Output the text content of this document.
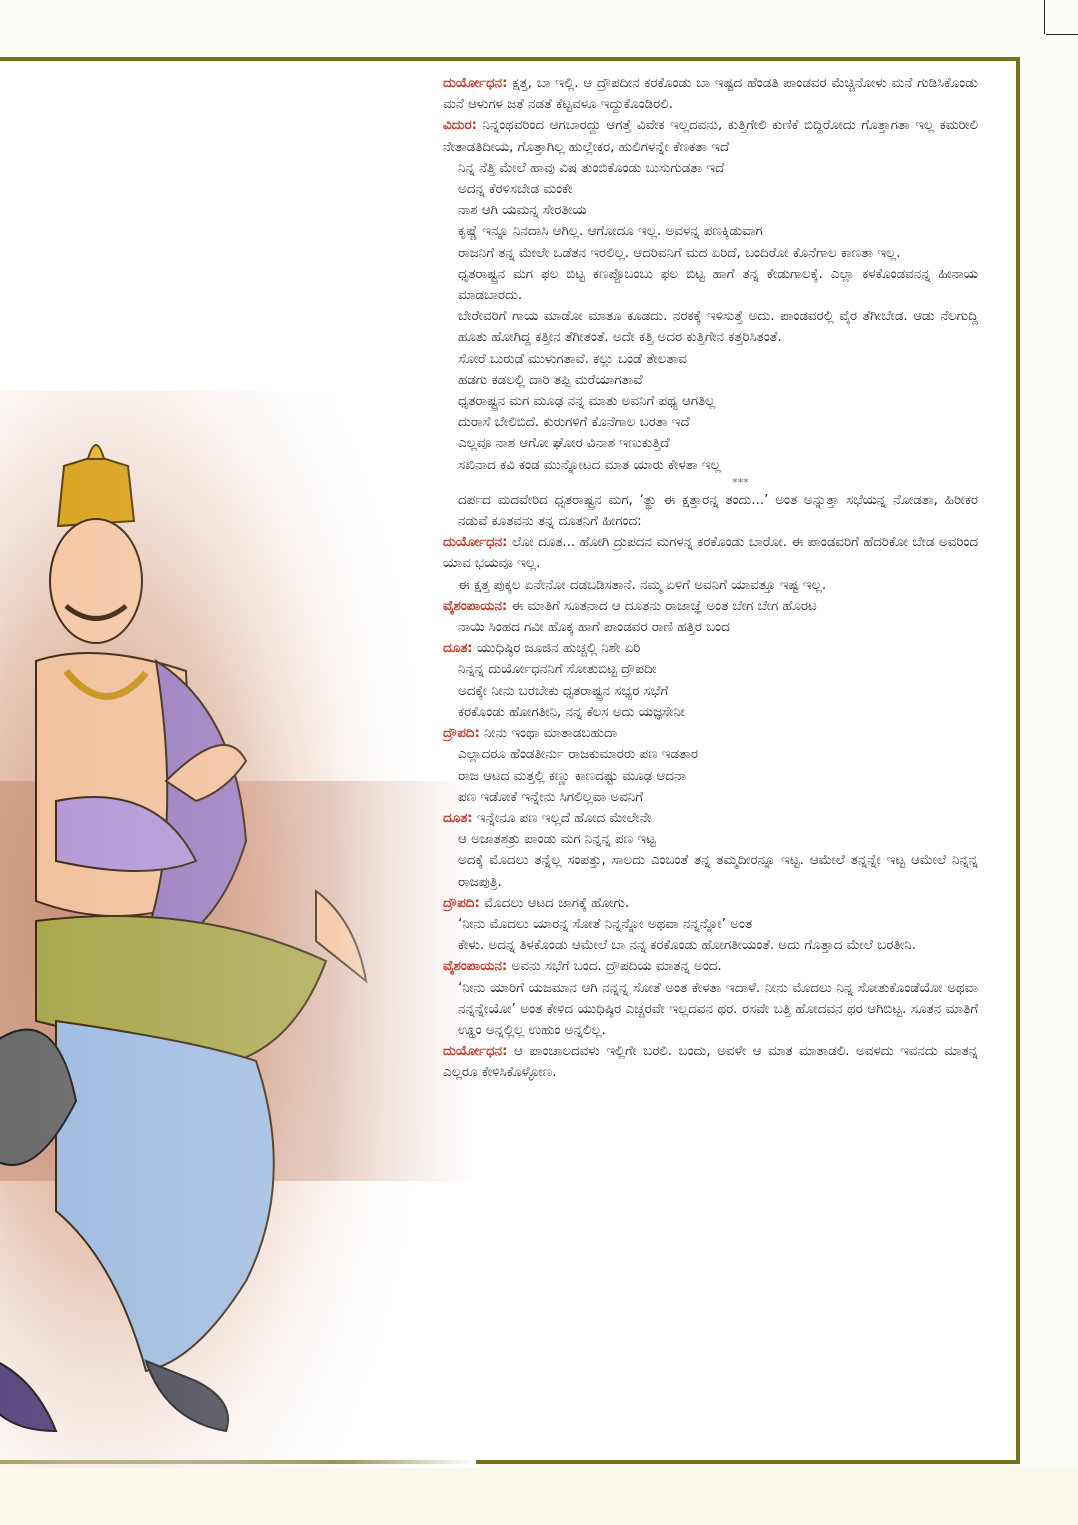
ದುರ್ಯೋಧನ: ಕ್ಷತ್ತ, ಬಾ ಇಲ್ಲಿ. ಆ ದ್ರೌಪದೀನ ಕರಕೊಂಡು ಬಾ ಇಷ್ಟದ ಹೆಂಡತಿ ಪಾಂಡವರ ಮೆಚ್ಚಿನೋಳು ಮನೆ ಗುಡಿಸಿಕೊಂಡು ಮನೆ ಆಳುಗಳ ಜತೆ ನಡತೆ ಕೆಟ್ಟವಳೂ ಇದ್ದುಕೊಂಡಿರಲಿ.
ವಿದುರ: ನಿನ್ನಂಥವರಿಂದ ಆಗಬಾರದ್ದು ಆಗತ್ತೆ ವಿವೇಕ ಇಲ್ಲದವನು, ಕುತ್ತಿಗೇಲಿ ಕುಣಿಕೆ ಬಿದ್ದಿರೋದು ಗೊತ್ತಾಗತಾ ಇಲ್ಲ ಕಮರೀಲಿ ನೇತಾಡತಿದೀಯ, ಗೊತ್ತಾಗಿಲ್ಲ ಹುಲ್ಲೇಕರ, ಹುಲಿಗಳನ್ನೇ ಕೆಣಕತಾ ಇದೆ
ನಿನ್ನ ನೆತ್ತಿ ಮೇಲೆ ಹಾವು ವಿಷ ತುಂಬಿಕೊಂಡು ಬುಸುಗುಡತಾ ಇದೆ
ಅದನ್ನ ಕೆರಳಿಸಬೇಡ ಮಂಕೇ
ನಾಶ ಆಗಿ ಯಮನ್ನ ಸೇರತೀಯ
ಕೃಷ್ಣೆ ಇನ್ನೂ ನಿನದಾಸಿ ಆಗಿಲ್ಲ. ಆಗೋದೂ ಇಲ್ಲ. ಅವಳನ್ನ ಪಣಕ್ಕಿಡುವಾಗ
ರಾಜನಿಗೆ ತನ್ನ ಮೇಲೇ ಒಡೆತನ ಇರಲಿಲ್ಲ. ಆದರಿವನಿಗೆ ಮದ ಏರಿದೆ, ಬಂದಿರೋ ಕೊನೆಗಾಲ ಕಾಣತಾ ಇಲ್ಲ.
ಧೃತರಾಷ್ಟ್ರನ ಮಗ ಫಲ ಬಿಟ್ಟ ಕಣಪ್ಪೊಬಂಬು ಫಲ ಬಿಟ್ಟ ಹಾಗೆ ತನ್ನ ಕೇಡುಗಾಲಕ್ಕೆ. ಎಲ್ಲಾ ಕಳಕೊಂಡವನನ್ನ ಹೀನಾಯ ಮಾಡಬಾರದು.
ಬೇರೇವರಿಗೆ ಗಾಯ ಮಾಡೋ ಮಾತೂ ಕೂಡದು. ನರಕಕ್ಕೆ ಇಳಿಸುತ್ತೆ ಅದು. ಪಾಂಡವರಲ್ಲಿ ವೈರ ತೆಗೀಬೇಡ. ಆಡು ನೆಲಗುದ್ದಿ ಹೂತು ಹೋಗಿದ್ದ ಕತ್ತೀನ ತೆಗೀತಂತೆ. ಅದೇ ಕತ್ತಿ ಅದರ ಕುತ್ತಿಗೇನ ಕತ್ತರಿಸಿತಂತೆ.
ಸೋರೆ ಬುರುಡೆ ಮುಳುಗತಾವೆ. ಕಲ್ಲು ಬಂಡೆ ತೇಲತಾವ
ಹಡಗು ಕಡಲಲ್ಲಿ ದಾರಿ ತಪ್ಪಿ ಮರೆಯಾಗತಾವೆ
ಧೃತರಾಷ್ಟ್ರನ ಮಗ ಮೂಢ ನನ್ನ ಮಾತು ಅವನಿಗೆ ಪಥ್ಯ ಆಗತಿಲ್ಲ
ದುರಾಸೆ ಬೇಲಿಬಿದೆ. ಕುರುಗಳಿಗೆ ಕೊನೆಗಾಲ ಬರತಾ ಇದೆ
ಎಲ್ಲವೂ ನಾಶ ಆಗೋ ಘೋರ ವಿನಾಶ ಇಣುಕುತ್ತಿದೆ
ಸಖಿನಾದ ಕವಿ ಕಂಡ ಮುನ್ನೋಟದ ಮಾತ ಯಾರು ಕೇಳತಾ ಇಲ್ಲ
***
ದರ್ಪದ ಮದವೇರಿದ ಧೃತರಾಷ್ಟ್ರನ ಮಗ, ‘ತ್ಥು ಈ ಕ್ಷತ್ತಾರನ್ನ ತಂದು...’ ಅಂತ ಅನ್ನುತ್ತಾ ಸಭೆಯನ್ನ ನೋಡತಾ, ಹಿರೀಕರ ನಡುವೆ ಕೂತವನು ತನ್ನ ದೂತನಿಗೆ ಹೀಗಂದ:
ದುರ್ಯೋಧನ: ಲೋ ದೂತ... ಹೋಗಿ ದ್ರುಪದನ ಮಗಳನ್ನ ಕರಕೊಂಡು ಬಾರೋ. ಈ ಪಾಂಡವರಿಗೆ ಹೆದರಿಕೋ ಬೇಡ ಅವರಿಂದ ಯಾವ ಭಯವೂ ಇಲ್ಲ.
ಈ ಕ್ಷತ್ತ ಪುಕ್ಕಲ ಏನೇನೋ ದಡಬಡಿಸತಾನೆ. ನಮ್ಮ ಏಳಿಗೆ ಅವನಿಗೆ ಯಾವತ್ತೂ ಇಷ್ಟ ಇಲ್ಲ.
ವೈಶಂಪಾಯನ: ಈ ಮಾತಿಗೆ ಸೂತನಾದ ಆ ದೂತನು ರಾಜಾಜ್ಞೆ ಅಂತ ಬೇಗ ಬೇಗ ಹೊರಟ
ನಾಯಿ ಸಿಂಹದ ಗವೀ ಹೊಕ್ಕ ಹಾಗೆ ಪಾಂಡವರ ರಾಣಿ ಹತ್ತಿರ ಬಂದ
ದೂತ: ಯುಧಿಷ್ಠಿರ ಜೂಜಿನ ಹುಚ್ಚಲ್ಲಿ ನಿಶೇ ಏರಿ
ನಿನ್ನನ್ನ ದುರ್ಯೋಧನನಿಗೆ ಸೋತುಬಿಟ್ಟ ದ್ರೌಪದೀ
ಅದಕ್ಕೇ ನೀನು ಬರಬೇಕು ಧೃತರಾಷ್ಟ್ರನ ಸಭ್ಯರ ಸಭೆಗೆ
ಕರಕೊಂಡು ಹೋಗತೀನಿ, ನನ್ನ ಕೆಲಸ ಅದು ಯಜ್ಞಸೇನೀ
ದ್ರೌಪದಿ: ನೀನು ಇಂಥಾ ಮಾತಾಡಬಹುದಾ
ಎಲ್ಲಾದರೂ ಹೆಂಡತೀರ್ನು ರಾಜಕುಮಾರರು ಪಣ ಇಡತಾರ
ರಾಜ ಆಟದ ಮತ್ತಲ್ಲಿ ಕಣ್ಣು ಕಾಣದಷ್ಟು ಮೂಢ ಆದನಾ
ಪಣ ಇಡೋಕೆ ಇನ್ನೇನು ಸಿಗಲಿಲ್ಲವಾ ಅವನಿಗೆ
ದೂತ: ಇನ್ನೇನೂ ಪಣ ಇಲ್ಲದೆ ಹೋದ ಮೇಲೇನೇ
ಆ ಅಜಾತಶತ್ರು ಪಾಂಡು ಮಗ ನಿನ್ನನ್ನ ಪಣ ಇಟ್ಟ
ಅದಕ್ಕೆ ಮೊದಲು ತನ್ನೆಲ್ಲ ಸಂಪತ್ತು, ಸಾಲದು ಎಂಬಂತೆ ತನ್ನ ತಮ್ಮದೀರನ್ನೂ ಇಟ್ಟ. ಆಮೇಲೆ ತನ್ನನ್ನೇ ಇಟ್ಟ ಆಮೇಲೆ ನಿನ್ನನ್ನ ರಾಜಪುತ್ರಿ.
ದ್ರೌಪದಿ: ಮೊದಲು ಆಟದ ಜಾಗಕ್ಕೆ ಹೋಗು.
‘ನೀನು ಮೊದಲು ಯಾರನ್ನ ಸೋತೆ ನಿನ್ನನ್ನೋ ಅಥವಾ ನನ್ನನ್ನೋ’ ಅಂತ
ಕೇಳು. ಅದನ್ನ ತಿಳಕೊಂಡು ಆಮೇಲೆ ಬಾ ನನ್ನ ಕರಕೊಂಡು ಹೋಗತೀಯಂತೆ. ಅದು ಗೊತ್ತಾದ ಮೇಲೆ ಬರತೀನಿ.
ವೈಶಂಪಾಯನ: ಅವನು ಸಭೆಗೆ ಬಂದ. ದ್ರೌಪದಿಯ ಮಾತನ್ನ ಅಂದ.
‘ನೀನು ಯಾರಿಗೆ ಯಜಮಾನ ಆಗಿ ನನ್ನನ್ನ ಸೋತೆ ಅಂತ ಕೇಳತಾ ಇದಾಳೆ. ನೀನು ಮೊದಲು ನಿನ್ನ ಸೋತುಕೊಂಡೆಯೋ ಅಥವಾ ನನ್ನನ್ನೇಯೋ’ ಅಂತ ಕೇಳಿದ ಯುಧಿಷ್ಠಿರ ಎಚ್ಚರವೇ ಇಲ್ಲದವನ ಥರ. ರಸವೇ ಬತ್ತಿ ಹೋದವನ ಥರ ಆಗಿಬಿಟ್ಟ. ಸೂತನ ಮಾತಿಗೆ ಊ್ಹಂ ಅನ್ನಲ್ಲಿಲ್ಲ ಉಹುಂ ಅನ್ನಲಿಲ್ಲ.
ದುರ್ಯೋಧನ: ಆ ಪಾಂಚಾಲದವಳು ಇಲ್ಲಿಗೇ ಬರಲಿ. ಬಂದು, ಅವಳೇ ಆ ಮಾತ ಮಾತಾಡಲಿ. ಅವಳದು ಇವನದು ಮಾತನ್ನ ಎಲ್ಲರೂ ಕೇಳಿಸಿಕೊಳ್ಳೋಣ.
